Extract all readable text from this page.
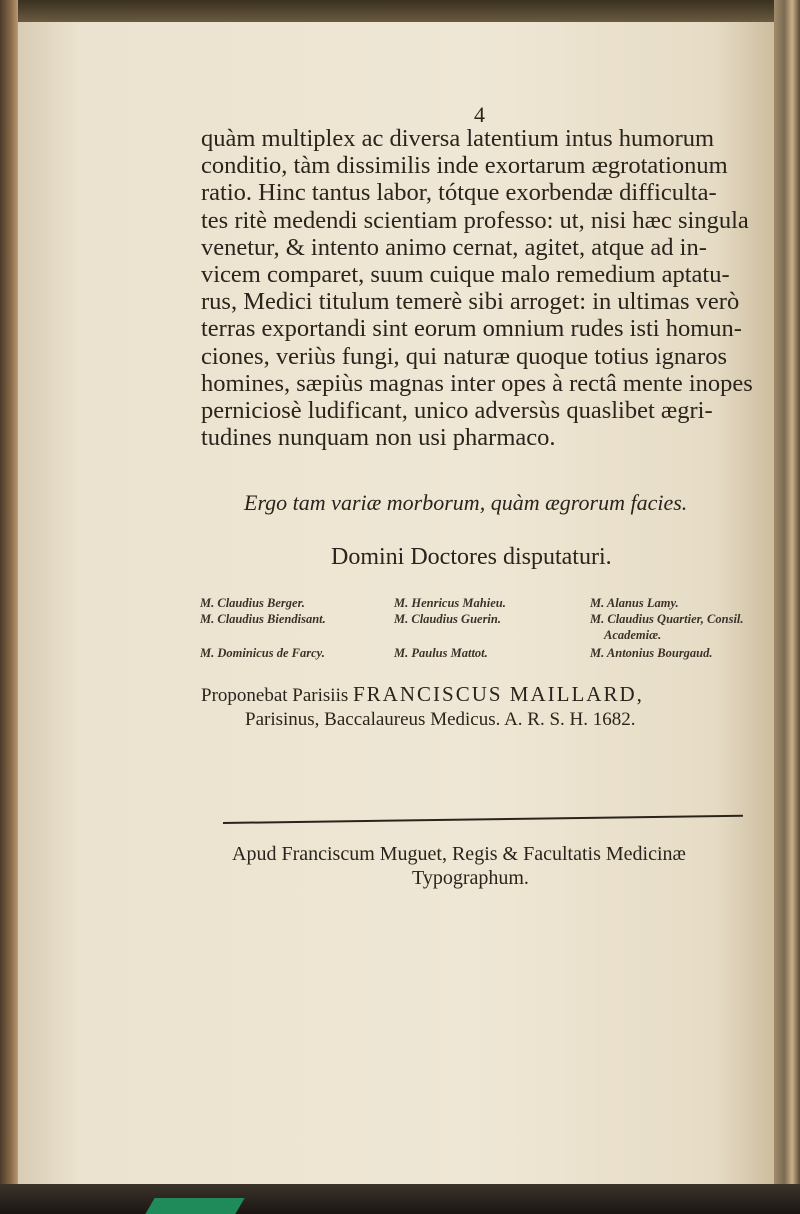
4
quàm multiplex ac diversa latentium intus humorum
conditio, tàm dissimilis inde exortarum ægrotationum
ratio. Hinc tantus labor, tótque exorbendæ difficulta-
tes ritè medendi scientiam professo: ut, nisi hæc singula
venetur, & intento animo cernat, agitet, atque ad in-
vicem comparet, suum cuique malo remedium aptatu-
rus, Medici titulum temerè sibi arroget: in ultimas verò
terras exportandi sint eorum omnium rudes isti homun-
ciones, veriùs fungi, qui naturæ quoque totius ignaros
homines, sæpiùs magnas inter opes à rectâ mente inopes
perniciosè ludificant, unico adversùs quaslibet ægri-
tudines nunquam non usi pharmaco.
Ergo tam variæ morborum, quàm ægrorum facies.
Domini Doctores disputaturi.
M. Claudius Berger.
M. Claudius Biendisant.
M. Dominicus de Farcy.
M. Henricus Mahieu.
M. Claudius Guerin.
M. Paulus Mattot.
M. Alanus Lamy.
M. Claudius Quartier, Consil.
Academiæ.
M. Antonius Bourgaud.
Proponebat Parisiis FRANCISCUS MAILLARD,
Parisinus, Baccalaureus Medicus. A. R. S. H. 1682.
Apud Franciscum Muguet, Regis & Facultatis Medicinæ
Typographum.
